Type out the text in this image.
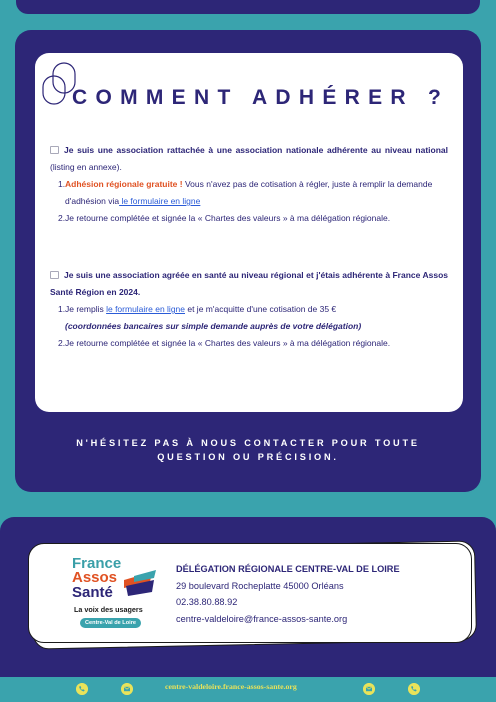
COMMENT ADHÉRER ?
Je suis une association rattachée à une association nationale adhérente au niveau national (listing en annexe).
1. Adhésion régionale gratuite ! Vous n'avez pas de cotisation à régler, juste à remplir la demande d'adhésion via le formulaire en ligne
2. Je retourne complétée et signée la « Chartes des valeurs » à ma délégation régionale.
Je suis une association agréée en santé au niveau régional et j'étais adhérente à France Assos Santé Région en 2024.
1. Je remplis le formulaire en ligne et je m'acquitte d'une cotisation de 35 €
(coordonnées bancaires sur simple demande auprès de votre délégation)
2. Je retourne complétée et signée la « Chartes des valeurs » à ma délégation régionale.
N'HÉSITEZ PAS À NOUS CONTACTER POUR TOUTE QUESTION OU PRÉCISION.
France
Assos
Santé
La voix des usagers
Centre-Val de Loire
DÉLÉGATION RÉGIONALE CENTRE-VAL DE LOIRE
29 boulevard Rocheplatte 45000 Orléans
02.38.80.88.92
centre-valdeloire@france-assos-sante.org
centre-valdeloire.france-assos-sante.org
